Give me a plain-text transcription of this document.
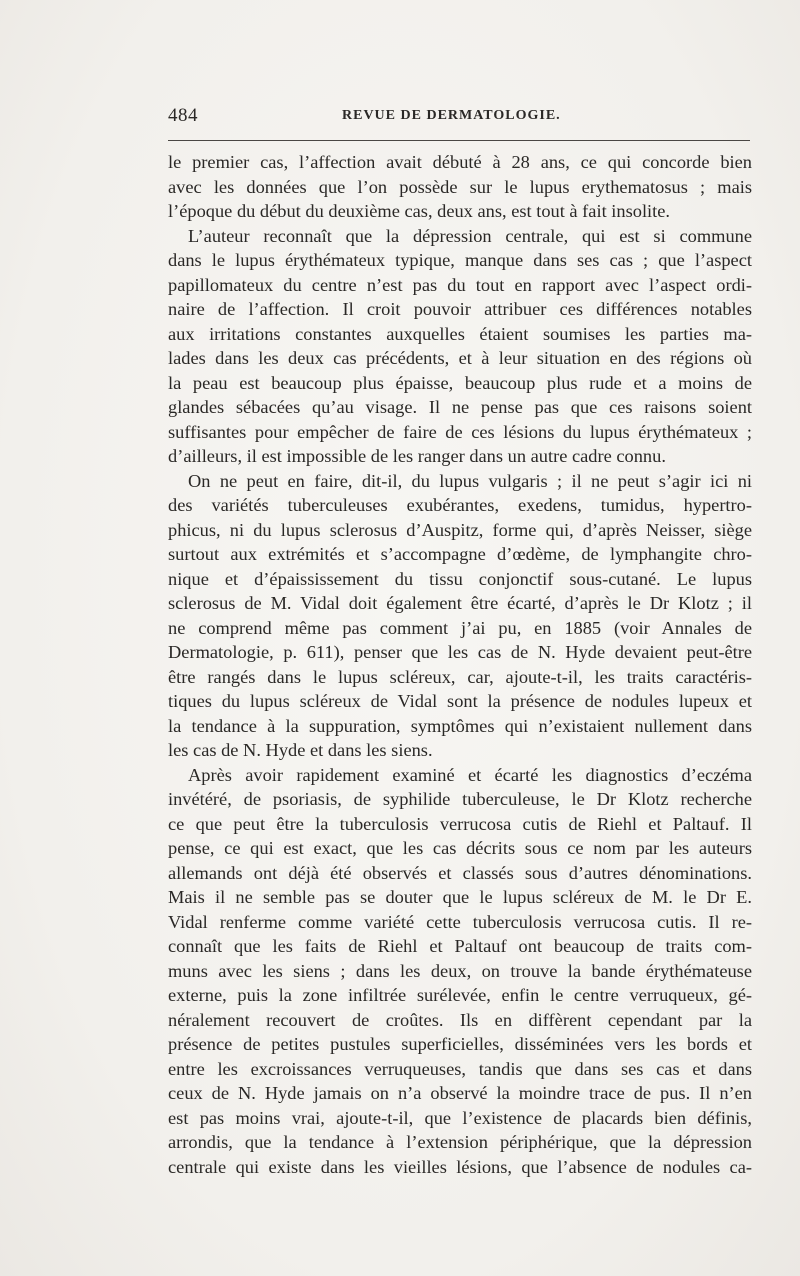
484	REVUE DE DERMATOLOGIE.
le premier cas, l’affection avait débuté à 28 ans, ce qui concorde bien
avec les données que l’on possède sur le lupus erythematosus ; mais
l’époque du début du deuxième cas, deux ans, est tout à fait insolite.
L’auteur reconnaît que la dépression centrale, qui est si commune
dans le lupus érythémateux typique, manque dans ses cas ; que l’aspect
papillomateux du centre n’est pas du tout en rapport avec l’aspect ordi-
naire de l’affection. Il croit pouvoir attribuer ces différences notables
aux irritations constantes auxquelles étaient soumises les parties ma-
lades dans les deux cas précédents, et à leur situation en des régions où
la peau est beaucoup plus épaisse, beaucoup plus rude et a moins de
glandes sébacées qu’au visage. Il ne pense pas que ces raisons soient
suffisantes pour empêcher de faire de ces lésions du lupus érythémateux ;
d’ailleurs, il est impossible de les ranger dans un autre cadre connu.
On ne peut en faire, dit-il, du lupus vulgaris ; il ne peut s’agir ici ni
des variétés tuberculeuses exubérantes, exedens, tumidus, hypertro-
phicus, ni du lupus sclerosus d’Auspitz, forme qui, d’après Neisser, siège
surtout aux extrémités et s’accompagne d’œdème, de lymphangite chro-
nique et d’épaississement du tissu conjonctif sous-cutané. Le lupus
sclerosus de M. Vidal doit également être écarté, d’après le Dr Klotz ; il
ne comprend même pas comment j’ai pu, en 1885 (voir Annales de
Dermatologie, p. 611), penser que les cas de N. Hyde devaient peut-être
être rangés dans le lupus scléreux, car, ajoute-t-il, les traits caractéris-
tiques du lupus scléreux de Vidal sont la présence de nodules lupeux et
la tendance à la suppuration, symptômes qui n’existaient nullement dans
les cas de N. Hyde et dans les siens.
Après avoir rapidement examiné et écarté les diagnostics d’eczéma
invétéré, de psoriasis, de syphilide tuberculeuse, le Dr Klotz recherche
ce que peut être la tuberculosis verrucosa cutis de Riehl et Paltauf. Il
pense, ce qui est exact, que les cas décrits sous ce nom par les auteurs
allemands ont déjà été observés et classés sous d’autres dénominations.
Mais il ne semble pas se douter que le lupus scléreux de M. le Dr E.
Vidal renferme comme variété cette tuberculosis verrucosa cutis. Il re-
connaît que les faits de Riehl et Paltauf ont beaucoup de traits com-
muns avec les siens ; dans les deux, on trouve la bande érythémateuse
externe, puis la zone infiltrée surélevée, enfin le centre verruqueux, gé-
néralement recouvert de croûtes. Ils en diffèrent cependant par la
présence de petites pustules superficielles, disséminées vers les bords et
entre les excroissances verruqueuses, tandis que dans ses cas et dans
ceux de N. Hyde jamais on n’a observé la moindre trace de pus. Il n’en
est pas moins vrai, ajoute-t-il, que l’existence de placards bien définis,
arrondis, que la tendance à l’extension périphérique, que la dépression
centrale qui existe dans les vieilles lésions, que l’absence de nodules ca-
